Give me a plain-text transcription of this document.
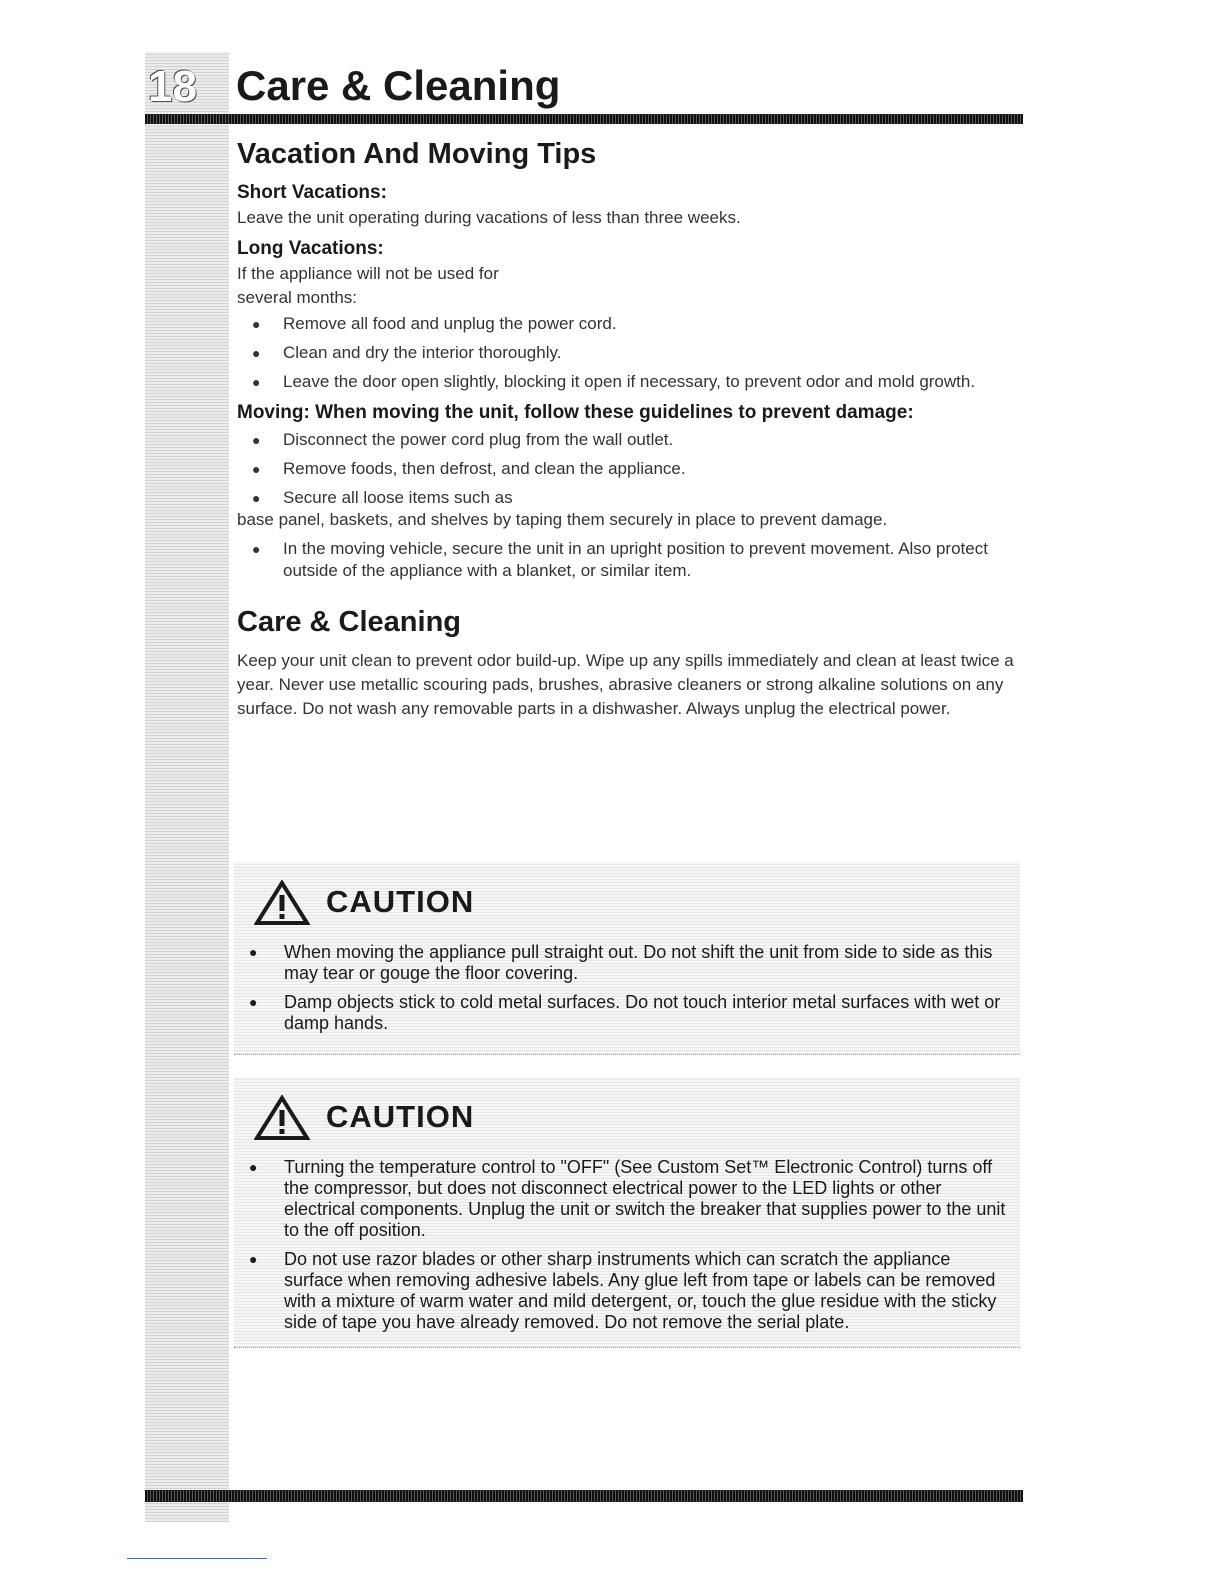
18 Care & Cleaning
Vacation And Moving Tips
Short Vacations:
Leave the unit operating during vacations of less than three weeks.
Long Vacations:
If the appliance will not be used for
several months:
● Remove all food and unplug the power cord.
● Clean and dry the interior thoroughly.
● Leave the door open slightly, blocking it open if necessary, to prevent odor and mold growth.
Moving: When moving the unit, follow these guidelines to prevent damage:
● Disconnect the power cord plug from the wall outlet.
● Remove foods, then defrost, and clean the appliance.
● Secure all loose items such as
base panel, baskets, and shelves by taping them securely in place to prevent damage.
● In the moving vehicle, secure the unit in an upright position to prevent movement. Also protect outside of the appliance with a blanket, or similar item.
Care & Cleaning
Keep your unit clean to prevent odor build-up. Wipe up any spills immediately and clean at least twice a year. Never use metallic scouring pads, brushes, abrasive cleaners or strong alkaline solutions on any surface. Do not wash any removable parts in a dishwasher. Always unplug the electrical power.
CAUTION
● When moving the appliance pull straight out. Do not shift the unit from side to side as this may tear or gouge the floor covering.
● Damp objects stick to cold metal surfaces. Do not touch interior metal surfaces with wet or damp hands.
CAUTION
● Turning the temperature control to "OFF" (See Custom Set™ Electronic Control) turns off the compressor, but does not disconnect electrical power to the LED lights or other electrical components. Unplug the unit or switch the breaker that supplies power to the unit to the off position.
● Do not use razor blades or other sharp instruments which can scratch the appliance surface when removing adhesive labels. Any glue left from tape or labels can be removed with a mixture of warm water and mild detergent, or, touch the glue residue with the sticky side of tape you have already removed. Do not remove the serial plate.
